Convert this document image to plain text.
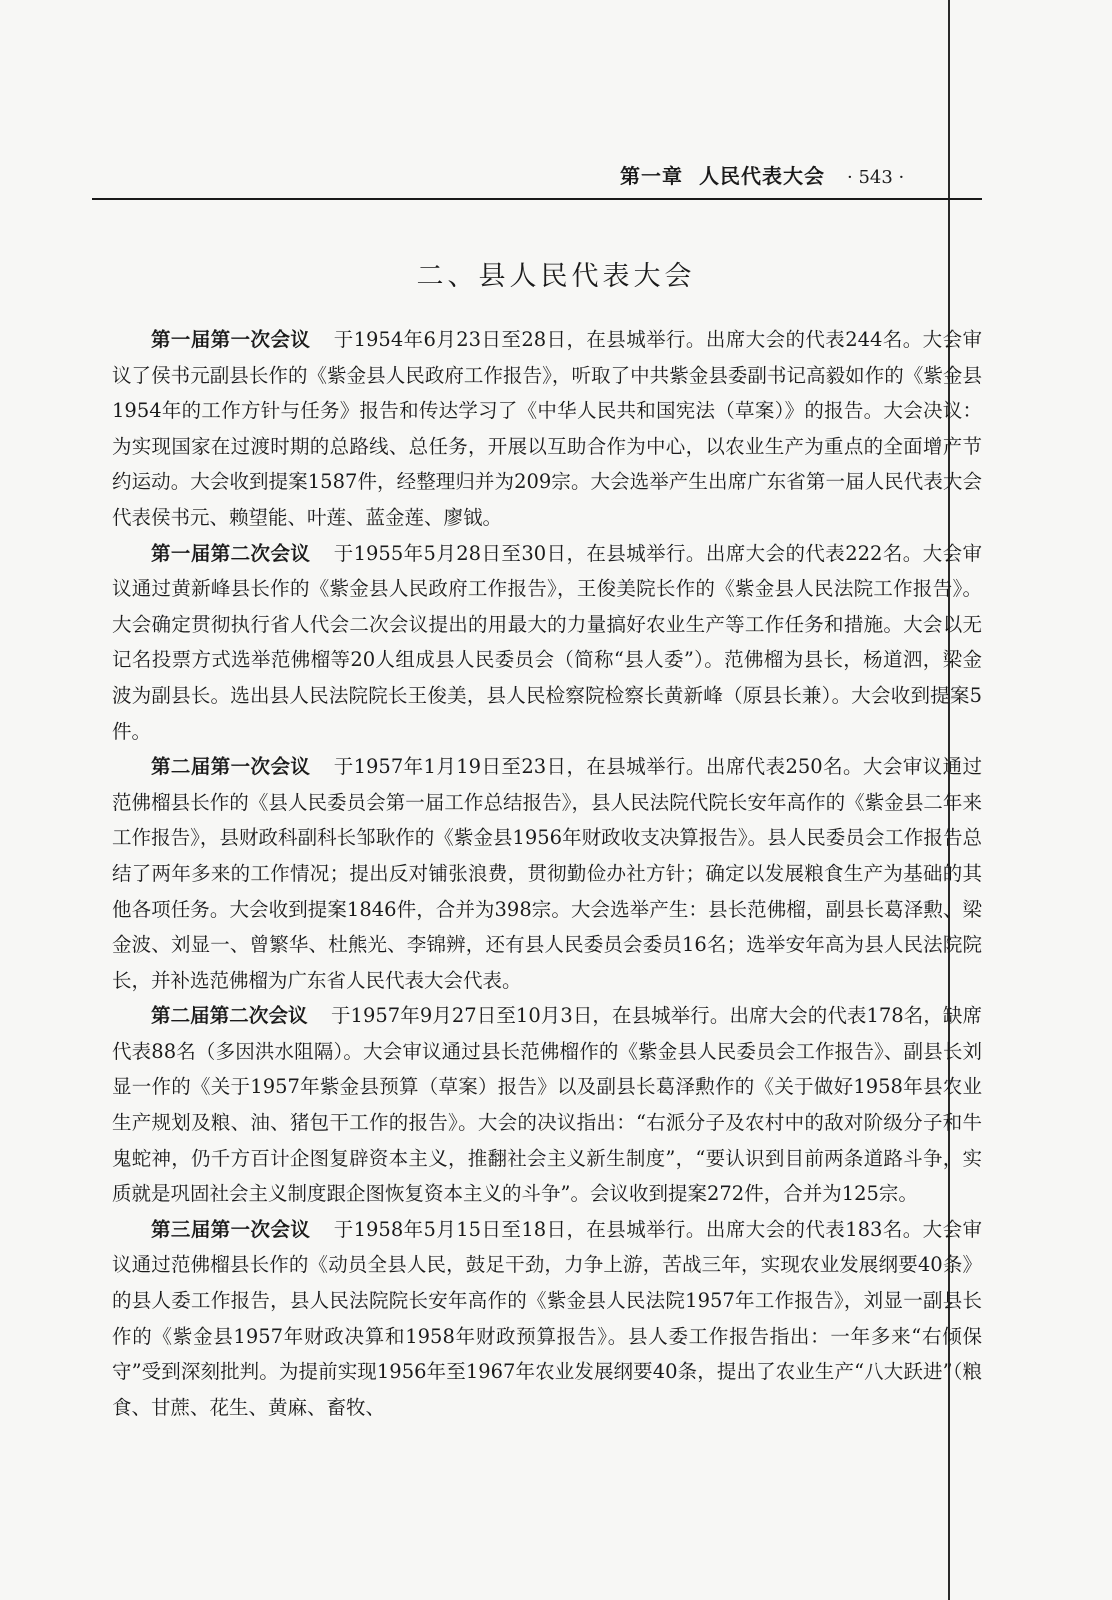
第一章 人民代表大会 · 543 ·
二、县人民代表大会

第一届第一次会议 于1954年6月23日至28日，在县城举行。出席大会的代表244名。大会审议了侯书元副县长作的《紫金县人民政府工作报告》，听取了中共紫金县委副书记高毅如作的《紫金县1954年的工作方针与任务》报告和传达学习了《中华人民共和国宪法（草案）》的报告。大会决议：为实现国家在过渡时期的总路线、总任务，开展以互助合作为中心，以农业生产为重点的全面增产节约运动。大会收到提案1587件，经整理归并为209宗。大会选举产生出席广东省第一届人民代表大会代表侯书元、赖望能、叶莲、蓝金莲、廖钺。

第一届第二次会议 于1955年5月28日至30日，在县城举行。出席大会的代表222名。大会审议通过黄新峰县长作的《紫金县人民政府工作报告》，王俊美院长作的《紫金县人民法院工作报告》。大会确定贯彻执行省人代会二次会议提出的用最大的力量搞好农业生产等工作任务和措施。大会以无记名投票方式选举范佛榴等20人组成县人民委员会（简称“县人委”）。范佛榴为县长，杨道泗，梁金波为副县长。选出县人民法院院长王俊美，县人民检察院检察长黄新峰（原县长兼）。大会收到提案5件。

第二届第一次会议 于1957年1月19日至23日，在县城举行。出席代表250名。大会审议通过范佛榴县长作的《县人民委员会第一届工作总结报告》，县人民法院代院长安年高作的《紫金县二年来工作报告》，县财政科副科长邹耿作的《紫金县1956年财政收支决算报告》。县人民委员会工作报告总结了两年多来的工作情况；提出反对铺张浪费，贯彻勤俭办社方针；确定以发展粮食生产为基础的其他各项任务。大会收到提案1846件，合并为398宗。大会选举产生：县长范佛榴，副县长葛泽勲、梁金波、刘显一、曾繁华、杜熊光、李锦辨，还有县人民委员会委员16名；选举安年高为县人民法院院长，并补选范佛榴为广东省人民代表大会代表。

第二届第二次会议 于1957年9月27日至10月3日，在县城举行。出席大会的代表178名，缺席代表88名（多因洪水阻隔）。大会审议通过县长范佛榴作的《紫金县人民委员会工作报告》、副县长刘显一作的《关于1957年紫金县预算（草案）报告》以及副县长葛泽勲作的《关于做好1958年县农业生产规划及粮、油、猪包干工作的报告》。大会的决议指出：“右派分子及农村中的敌对阶级分子和牛鬼蛇神，仍千方百计企图复辟资本主义，推翻社会主义新生制度”，“要认识到目前两条道路斗争，实质就是巩固社会主义制度跟企图恢复资本主义的斗争”。会议收到提案272件，合并为125宗。

第三届第一次会议 于1958年5月15日至18日，在县城举行。出席大会的代表183名。大会审议通过范佛榴县长作的《动员全县人民，鼓足干劲，力争上游，苦战三年，实现农业发展纲要40条》的县人委工作报告，县人民法院院长安年高作的《紫金县人民法院1957年工作报告》，刘显一副县长作的《紫金县1957年财政决算和1958年财政预算报告》。县人委工作报告指出：一年多来“右倾保守”受到深刻批判。为提前实现1956年至1967年农业发展纲要40条，提出了农业生产“八大跃进”（粮食、甘蔗、花生、黄麻、畜牧、
